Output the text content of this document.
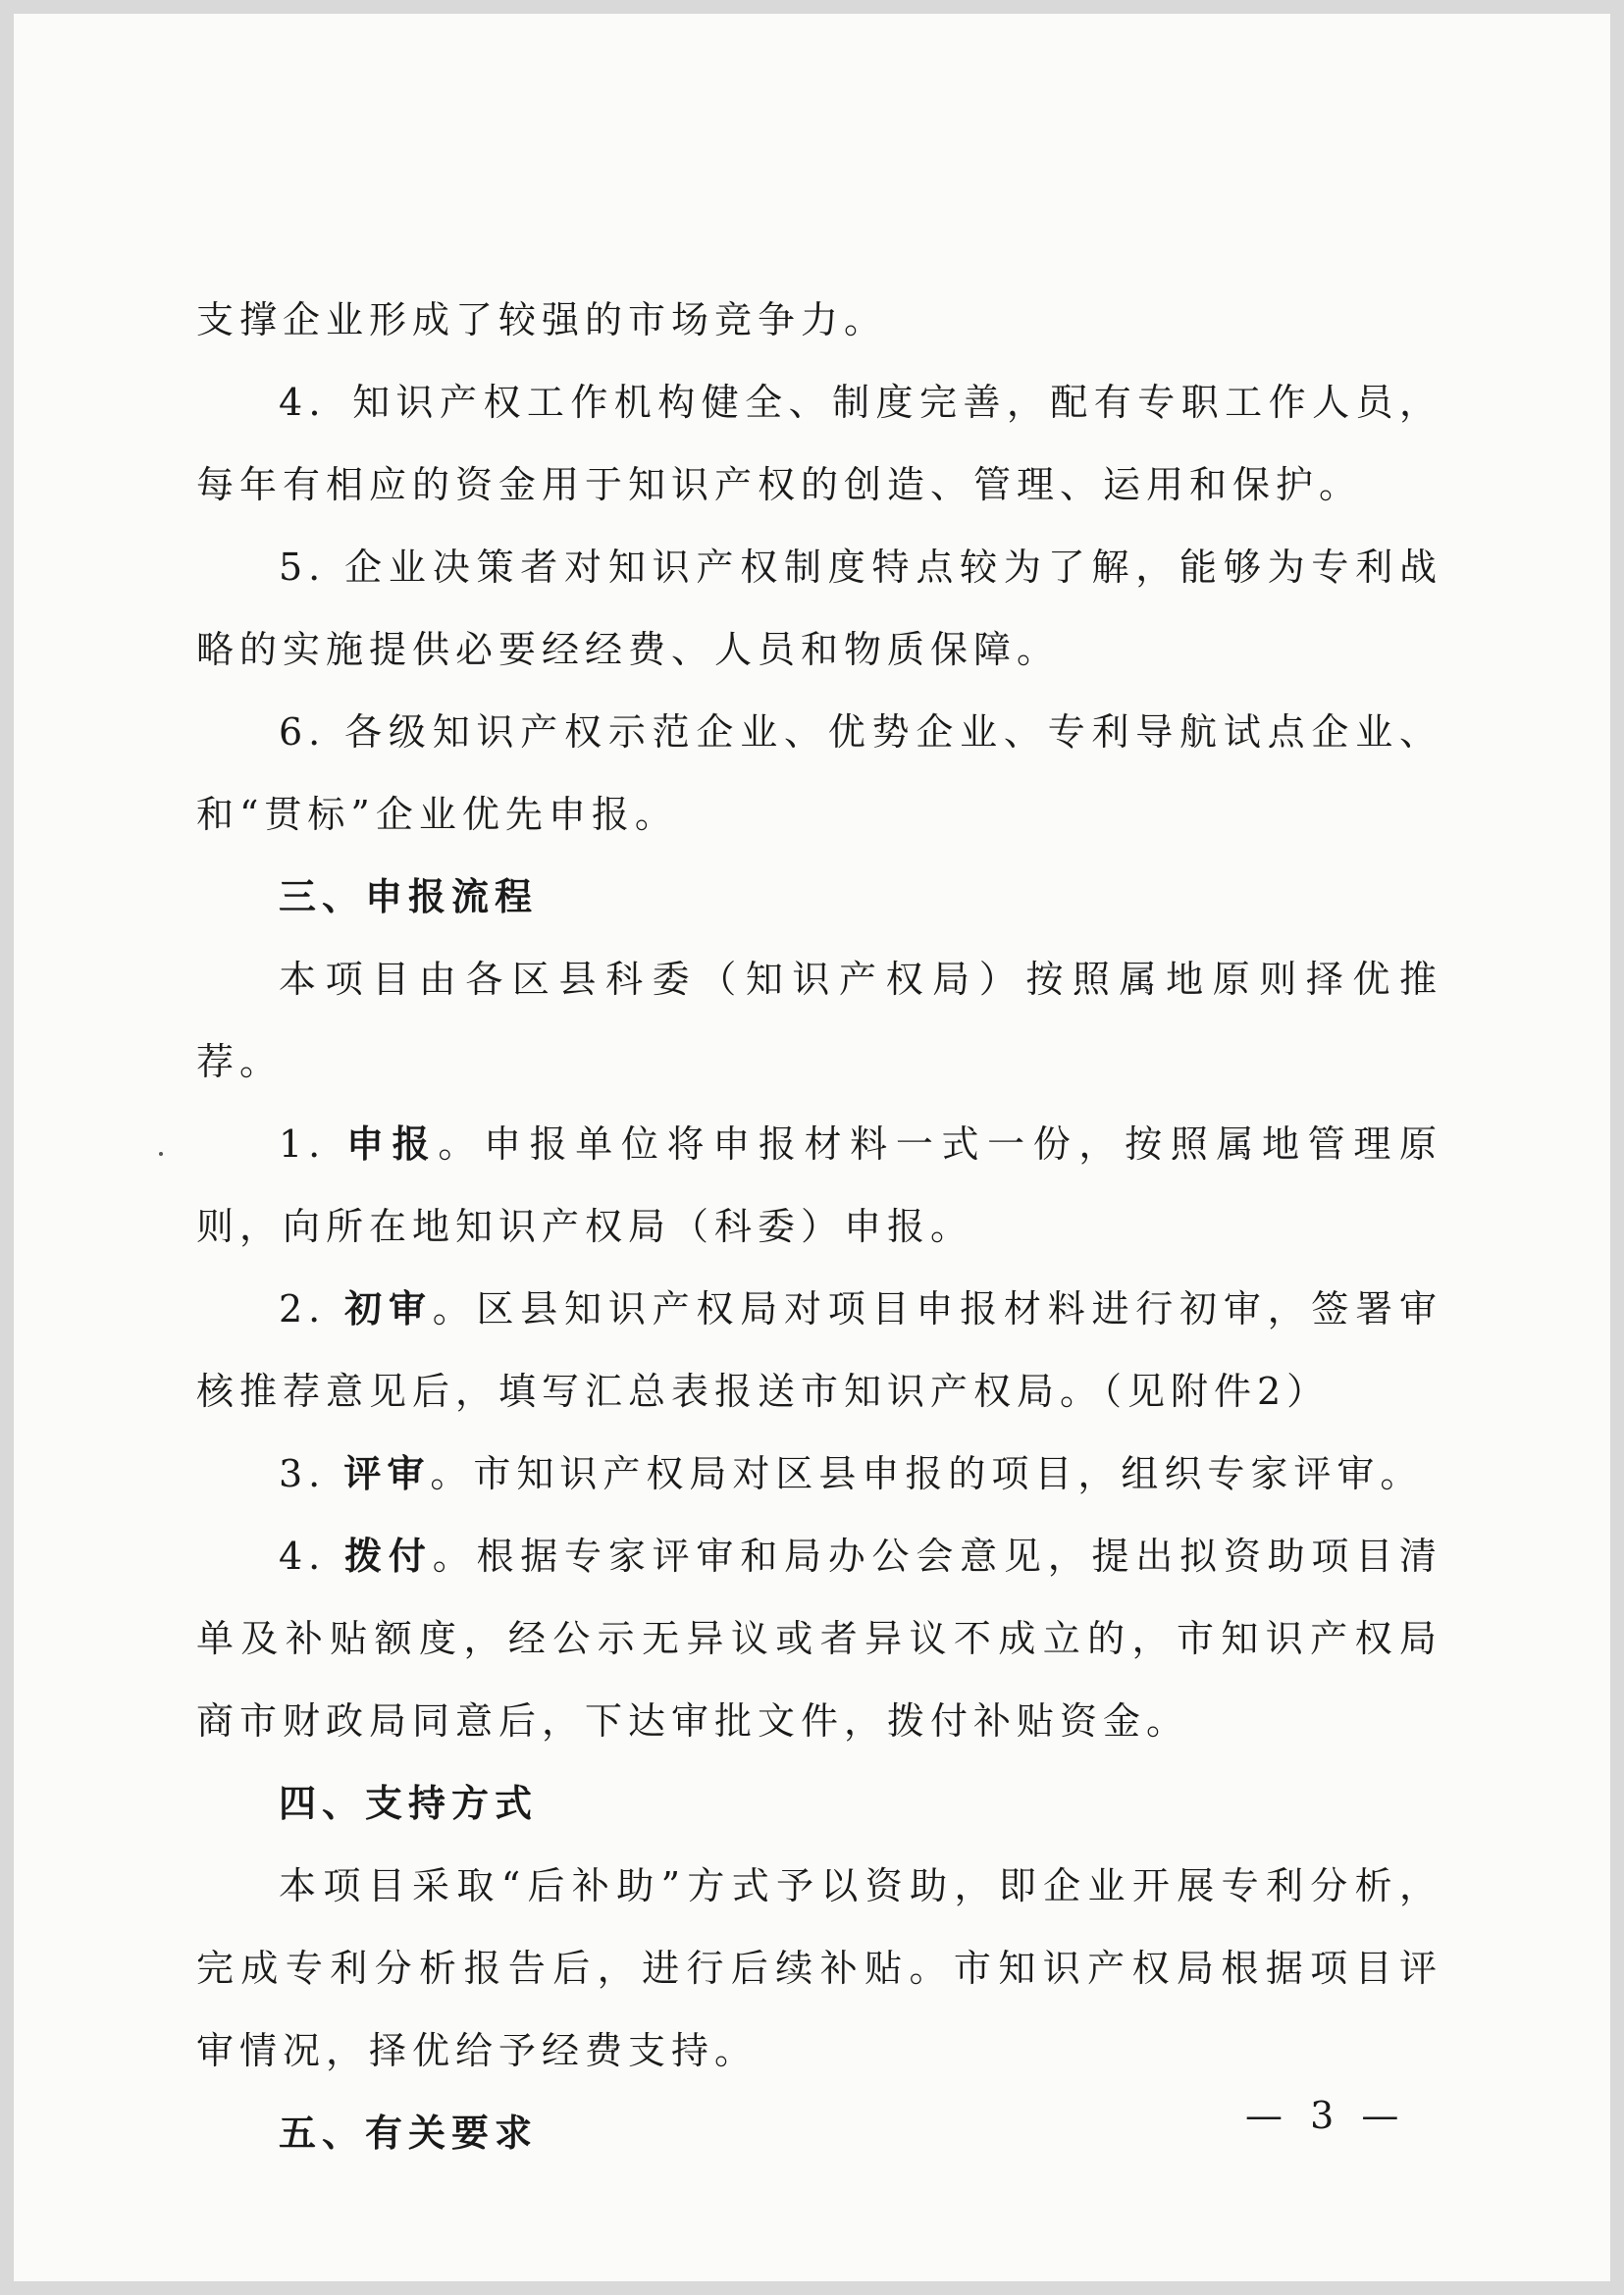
支撑企业形成了较强的市场竞争力。

4．知识产权工作机构健全、制度完善，配有专职工作人员，每年有相应的资金用于知识产权的创造、管理、运用和保护。

5. 企业决策者对知识产权制度特点较为了解，能够为专利战略的实施提供必要经经费、人员和物质保障。

6. 各级知识产权示范企业、优势企业、专利导航试点企业、和“贯标”企业优先申报。

三、申报流程

本项目由各区县科委（知识产权局）按照属地原则择优推荐。

1. 申报。申报单位将申报材料一式一份，按照属地管理原则，向所在地知识产权局（科委）申报。

2. 初审。区县知识产权局对项目申报材料进行初审，签署审核推荐意见后，填写汇总表报送市知识产权局。（见附件2）

3. 评审。市知识产权局对区县申报的项目，组织专家评审。

4. 拨付。根据专家评审和局办公会意见，提出拟资助项目清单及补贴额度，经公示无异议或者异议不成立的，市知识产权局商市财政局同意后，下达审批文件，拨付补贴资金。

四、支持方式

本项目采取“后补助”方式予以资助，即企业开展专利分析，完成专利分析报告后，进行后续补贴。市知识产权局根据项目评审情况，择优给予经费支持。

五、有关要求	— 3 —
